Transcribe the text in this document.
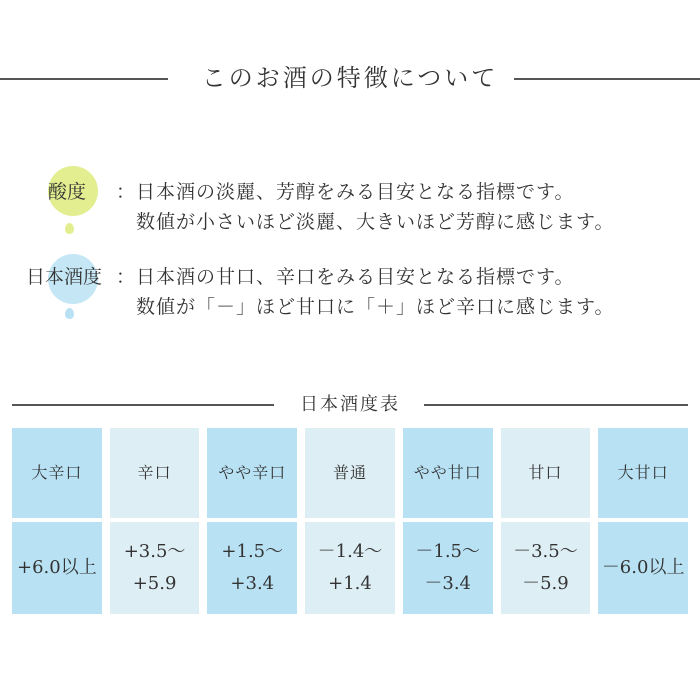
このお酒の特徴について
酸度 ： 日本酒の淡麗、芳醇をみる目安となる指標です。
数値が小さいほど淡麗、大きいほど芳醇に感じます。
日本酒度 ： 日本酒の甘口、辛口をみる目安となる指標です。
数値が「－」ほど甘口に「＋」ほど辛口に感じます。
日本酒度表
大辛口
+6.0以上
辛口
+3.5～
+5.9
やや辛口
+1.5～
+3.4
普通
－1.4～
+1.4
やや甘口
－1.5～
－3.4
甘口
－3.5～
－5.9
大甘口
－6.0以上
